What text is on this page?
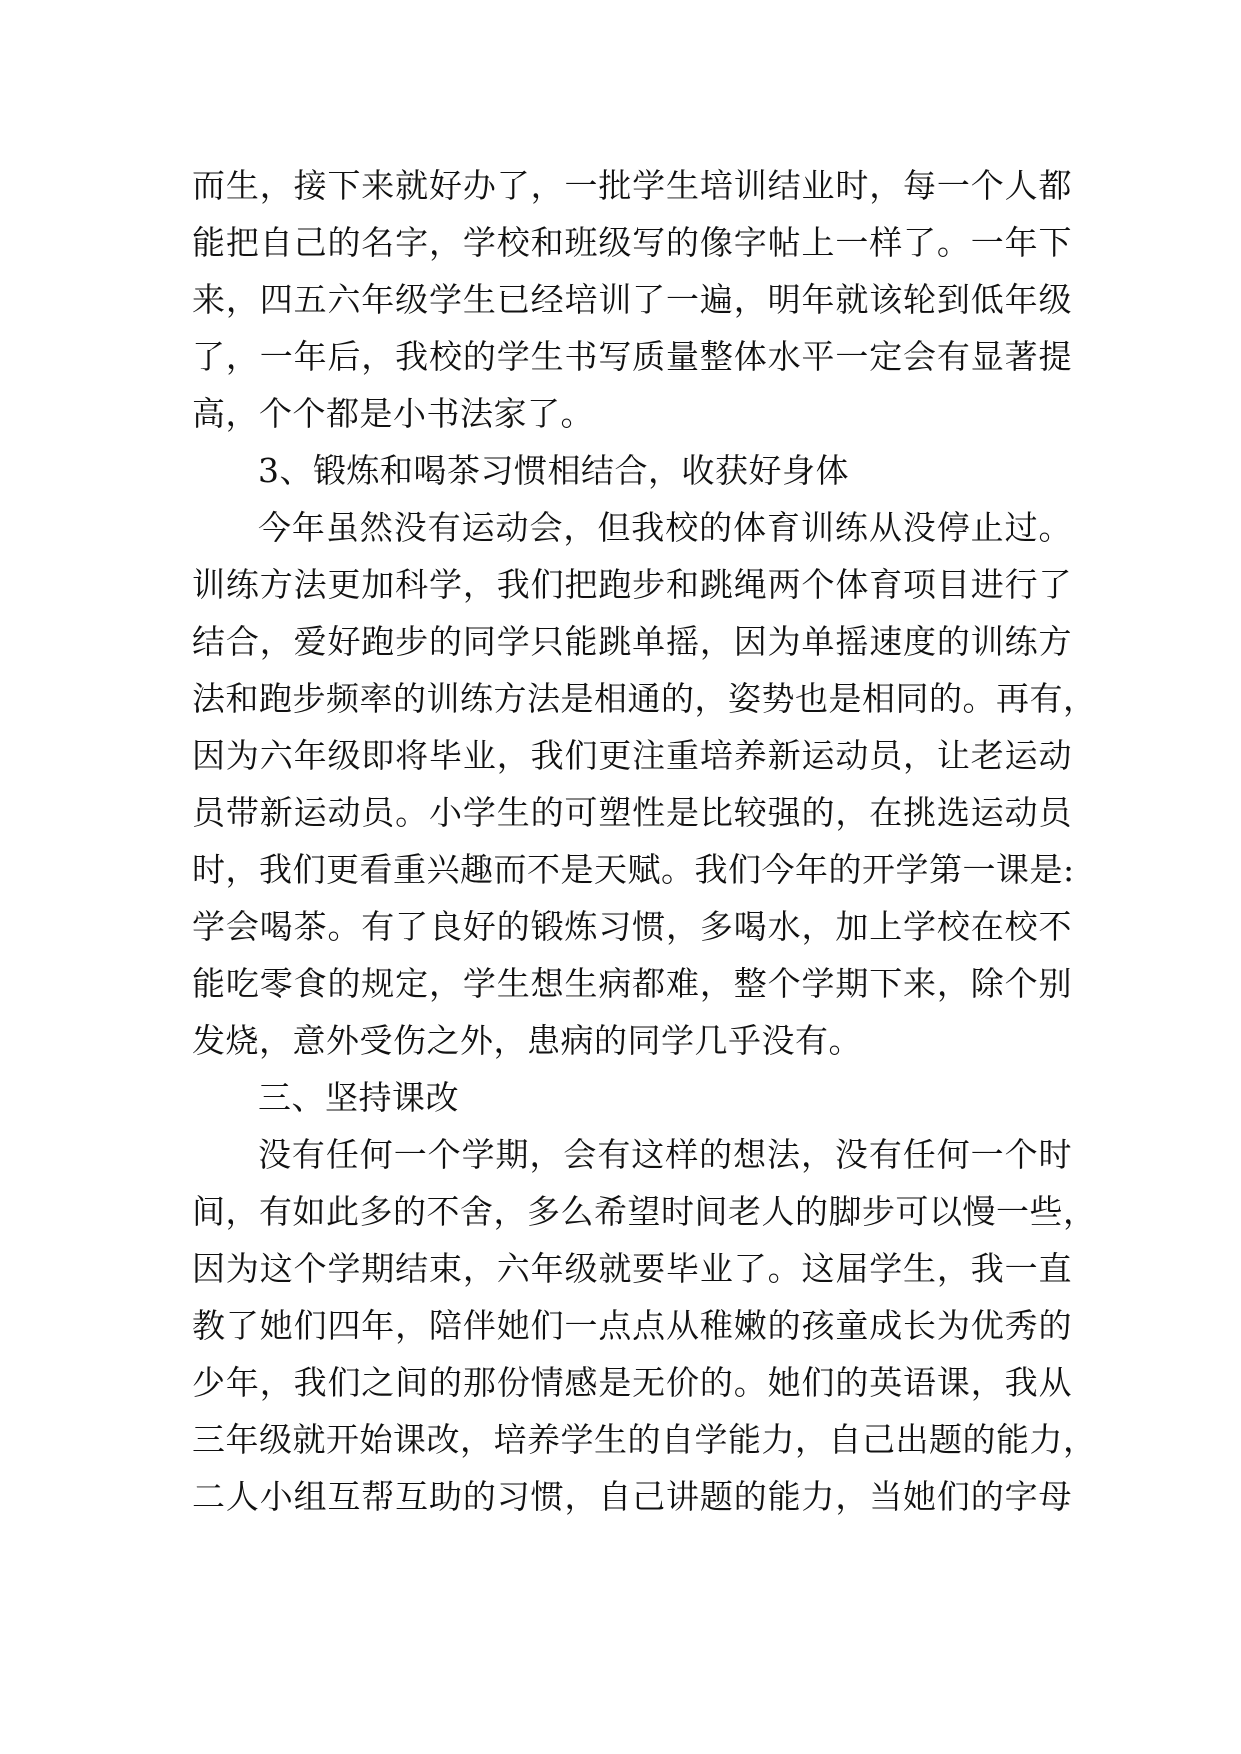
而生，接下来就好办了，一批学生培训结业时，每一个人都
能把自己的名字，学校和班级写的像字帖上一样了。一年下
来，四五六年级学生已经培训了一遍，明年就该轮到低年级
了，一年后，我校的学生书写质量整体水平一定会有显著提
高，个个都是小书法家了。
3、锻炼和喝茶习惯相结合，收获好身体
今年虽然没有运动会，但我校的体育训练从没停止过。
训练方法更加科学，我们把跑步和跳绳两个体育项目进行了
结合，爱好跑步的同学只能跳单摇，因为单摇速度的训练方
法和跑步频率的训练方法是相通的，姿势也是相同的。再有，
因为六年级即将毕业，我们更注重培养新运动员，让老运动
员带新运动员。小学生的可塑性是比较强的，在挑选运动员
时，我们更看重兴趣而不是天赋。我们今年的开学第一课是:
学会喝茶。有了良好的锻炼习惯，多喝水，加上学校在校不
能吃零食的规定，学生想生病都难，整个学期下来，除个别
发烧，意外受伤之外，患病的同学几乎没有。
三、坚持课改
没有任何一个学期，会有这样的想法，没有任何一个时
间，有如此多的不舍，多么希望时间老人的脚步可以慢一些，
因为这个学期结束，六年级就要毕业了。这届学生，我一直
教了她们四年，陪伴她们一点点从稚嫩的孩童成长为优秀的
少年，我们之间的那份情感是无价的。她们的英语课，我从
三年级就开始课改，培养学生的自学能力，自己出题的能力，
二人小组互帮互助的习惯，自己讲题的能力，当她们的字母
